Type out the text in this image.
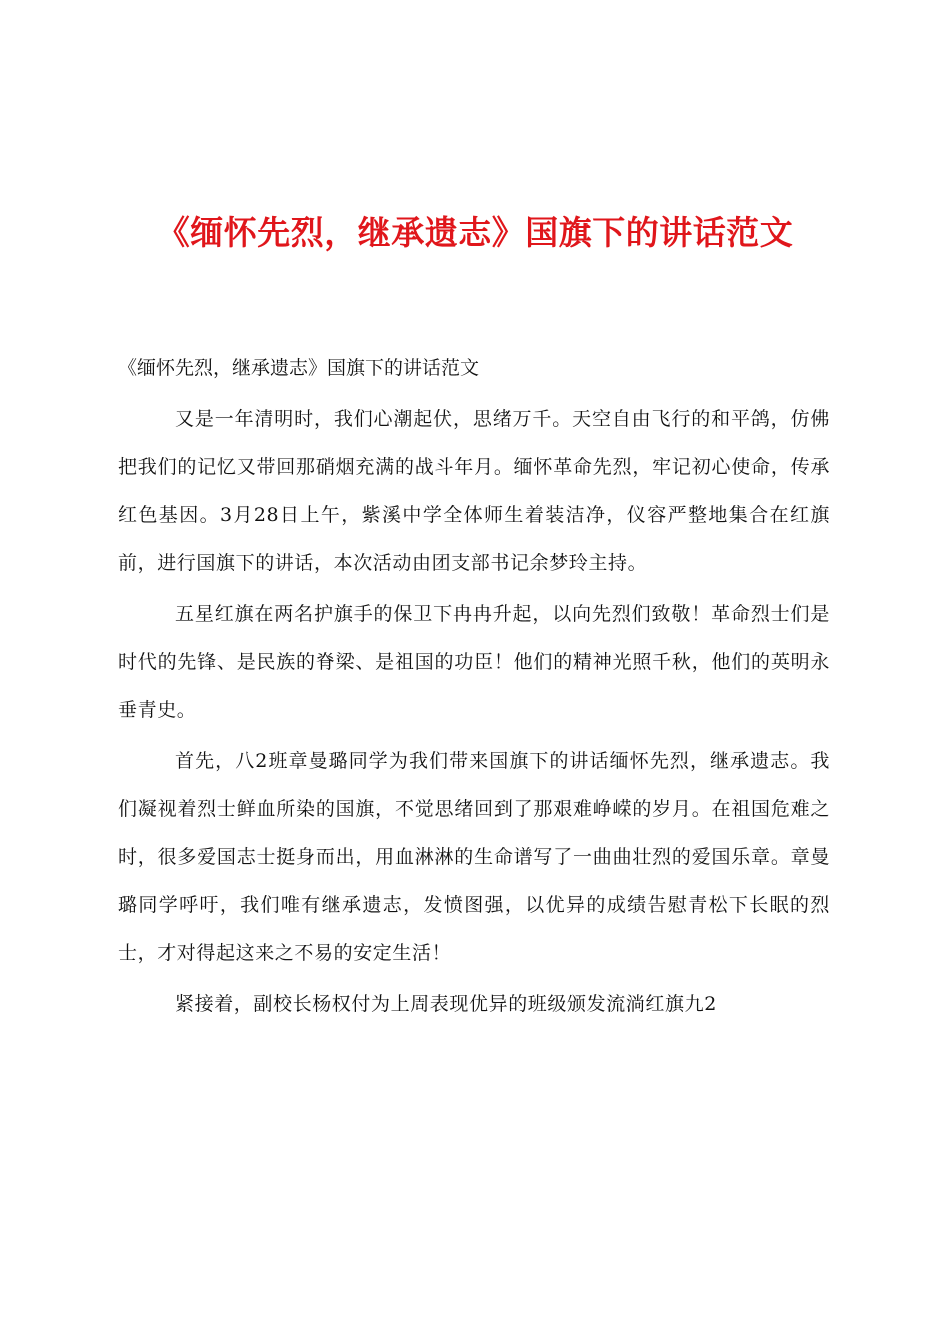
《缅怀先烈，继承遗志》国旗下的讲话范文
《缅怀先烈，继承遗志》国旗下的讲话范文

又是一年清明时，我们心潮起伏，思绪万千。天空自由飞行的和平鸽，仿佛把我们的记忆又带回那硝烟充满的战斗年月。缅怀革命先烈，牢记初心使命，传承红色基因。3月28日上午，紫溪中学全体师生着装洁净，仪容严整地集合在红旗前，进行国旗下的讲话，本次活动由团支部书记余梦玲主持。

五星红旗在两名护旗手的保卫下冉冉升起，以向先烈们致敬！革命烈士们是时代的先锋、是民族的脊梁、是祖国的功臣！他们的精神光照千秋，他们的英明永垂青史。

首先，八2班章曼璐同学为我们带来国旗下的讲话缅怀先烈，继承遗志。我们凝视着烈士鲜血所染的国旗，不觉思绪回到了那艰难峥嵘的岁月。在祖国危难之时，很多爱国志士挺身而出，用血淋淋的生命谱写了一曲曲壮烈的爱国乐章。章曼璐同学呼吁，我们唯有继承遗志，发愤图强，以优异的成绩告慰青松下长眠的烈士，才对得起这来之不易的安定生活！

紧接着，副校长杨权付为上周表现优异的班级颁发流淌红旗九2
